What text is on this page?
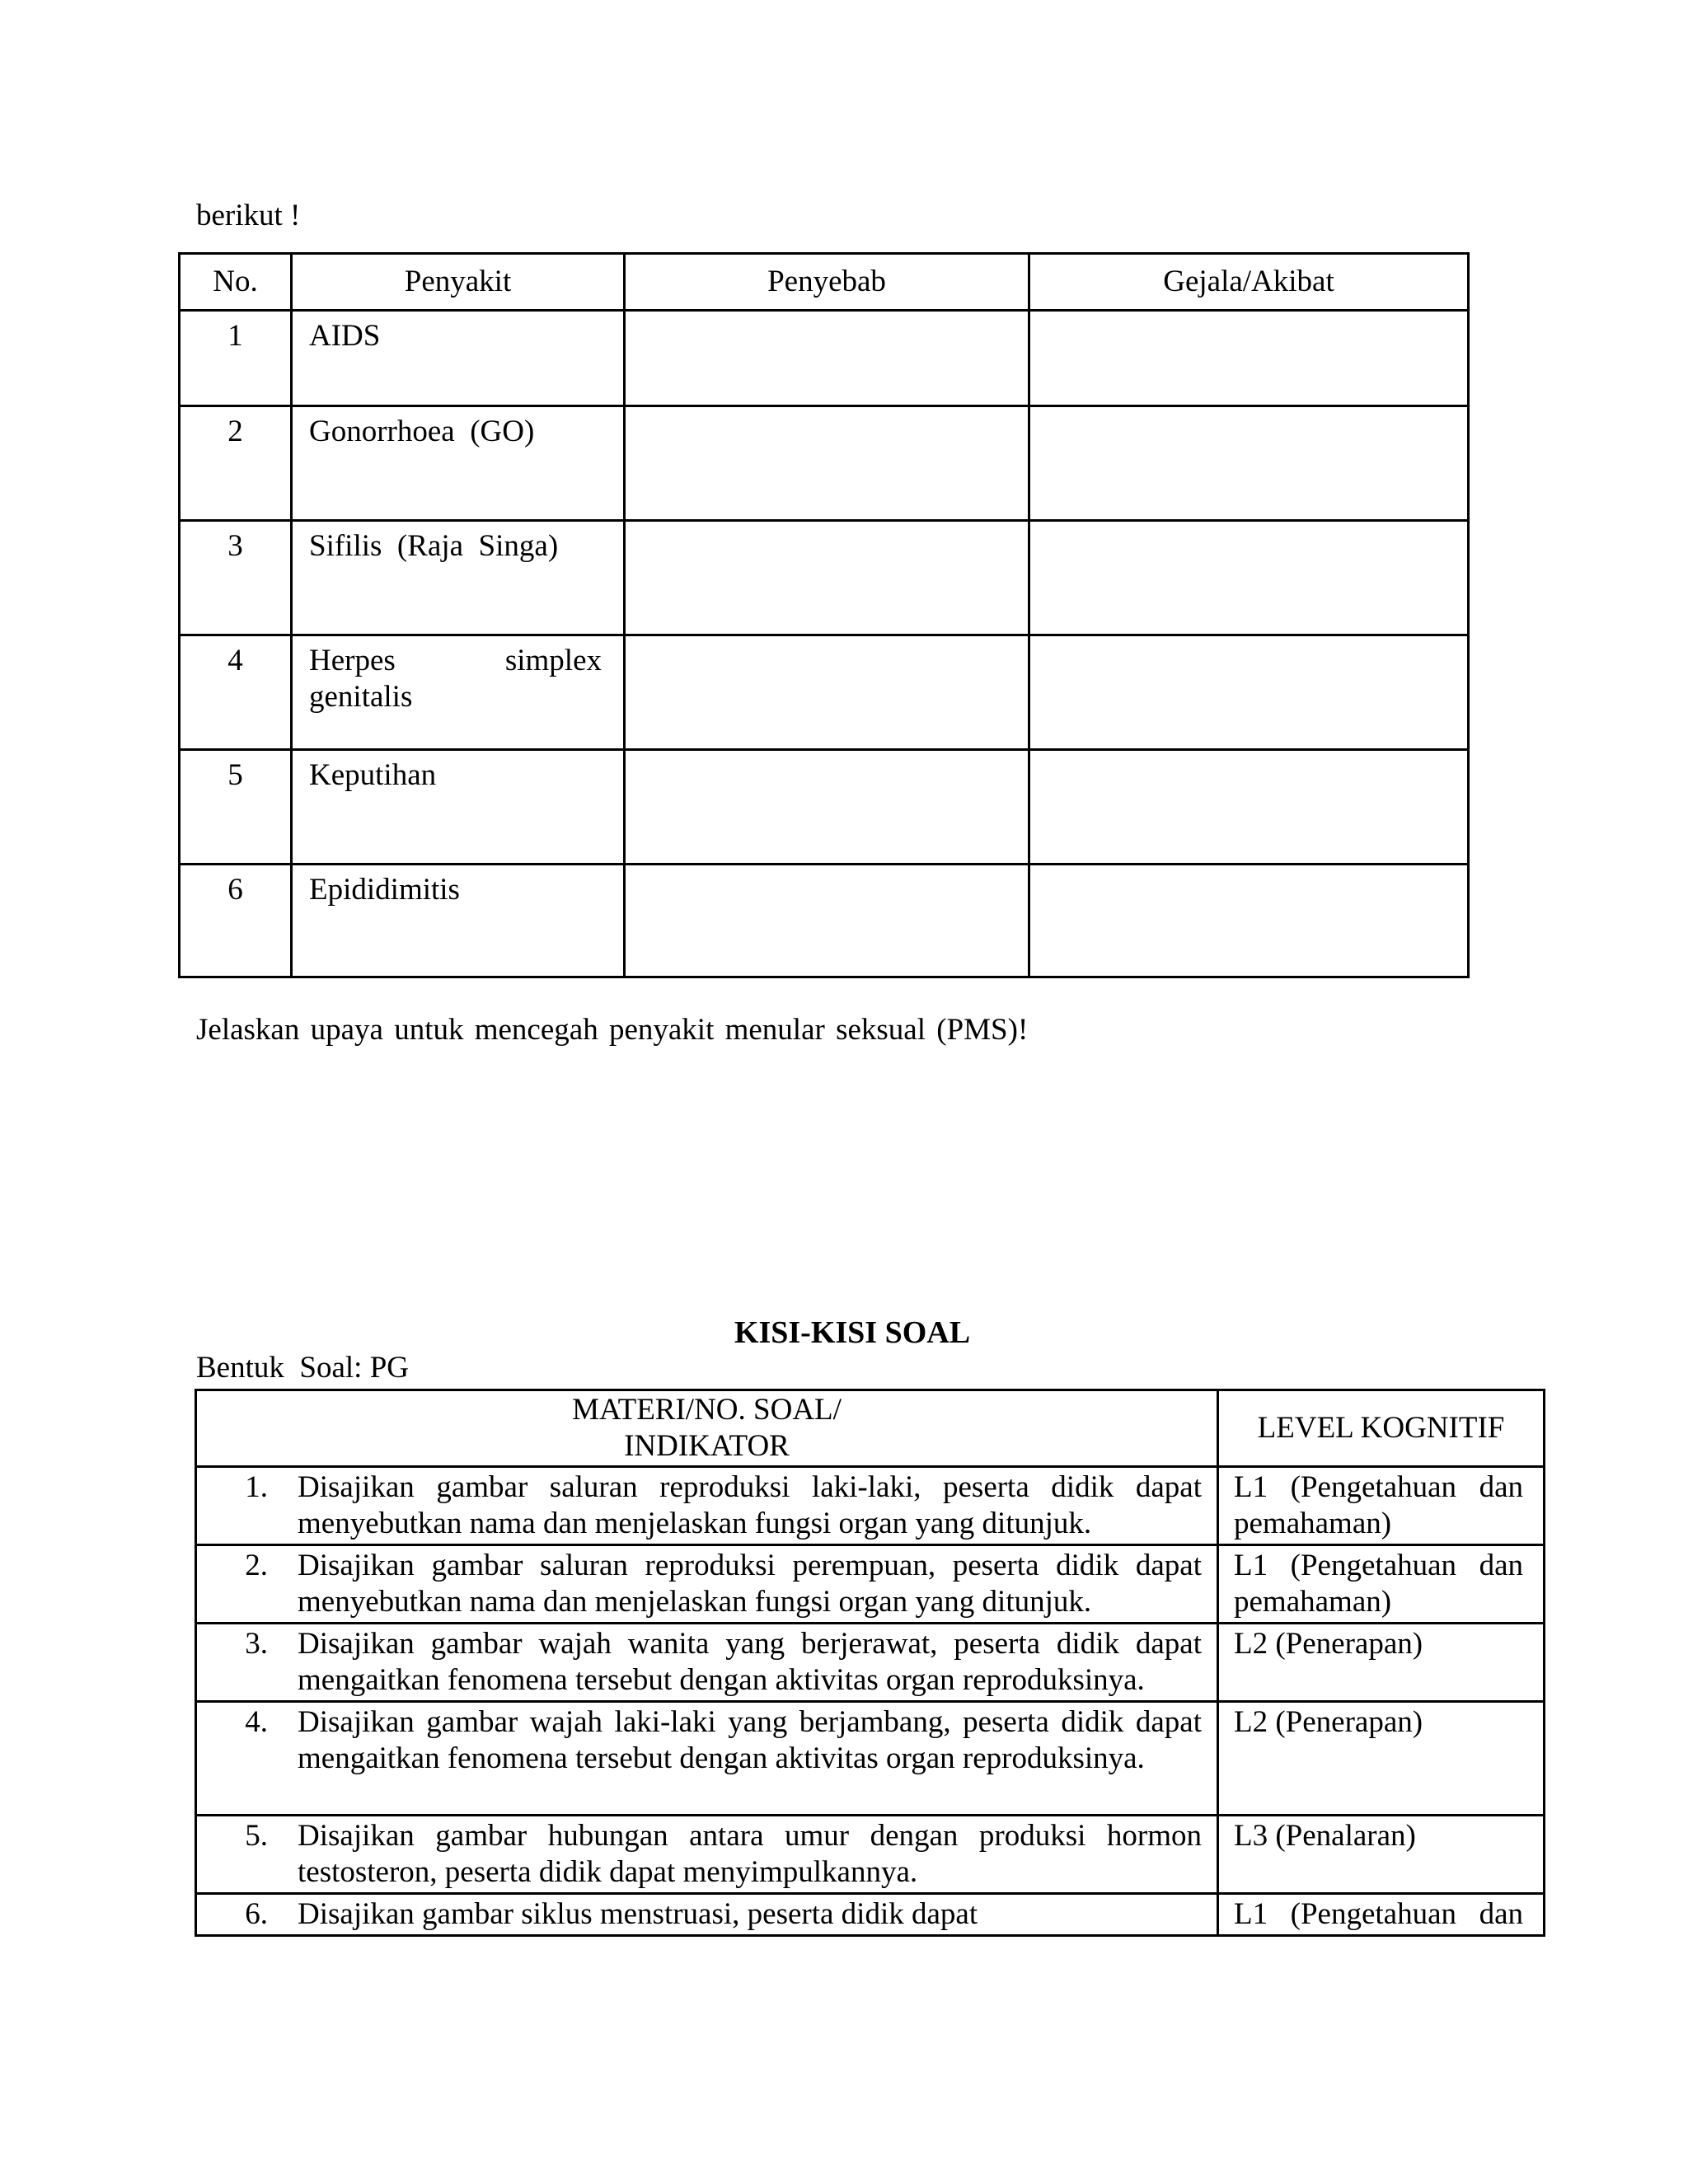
berikut !
No.	Penyakit	Penyebab	Gejala/Akibat
1	AIDS		
2	Gonorrhoea  (GO)		
3	Sifilis  (Raja  Singa)		
4	Herpes simplex genitalis		

5	Keputihan		
6	Epididimitis		
Jelaskan upaya untuk mencegah penyakit menular seksual (PMS)!
KISI-KISI SOAL
Bentuk  Soal: PG
MATERI/NO. SOAL/
INDIKATOR	LEVEL KOGNITIF

1. Disajikan gambar saluran reproduksi laki-laki, peserta didik dapat menyebutkan nama dan menjelaskan fungsi organ yang ditunjuk.	L1 (Pengetahuan dan pemahaman)

2. Disajikan gambar saluran reproduksi perempuan, peserta didik dapat menyebutkan nama dan menjelaskan fungsi organ yang ditunjuk.	L1 (Pengetahuan dan pemahaman)

3. Disajikan gambar wajah wanita yang berjerawat, peserta didik dapat mengaitkan fenomena tersebut dengan aktivitas organ reproduksinya.	L2 (Penerapan)

4. Disajikan gambar wajah laki-laki yang berjambang, peserta didik dapat mengaitkan fenomena tersebut dengan aktivitas organ reproduksinya.	L2 (Penerapan)

5. Disajikan gambar hubungan antara umur dengan produksi hormon testosteron, peserta didik dapat menyimpulkannya.	L3 (Penalaran)

6. Disajikan gambar siklus menstruasi, peserta didik dapat	L1 (Pengetahuan dan
